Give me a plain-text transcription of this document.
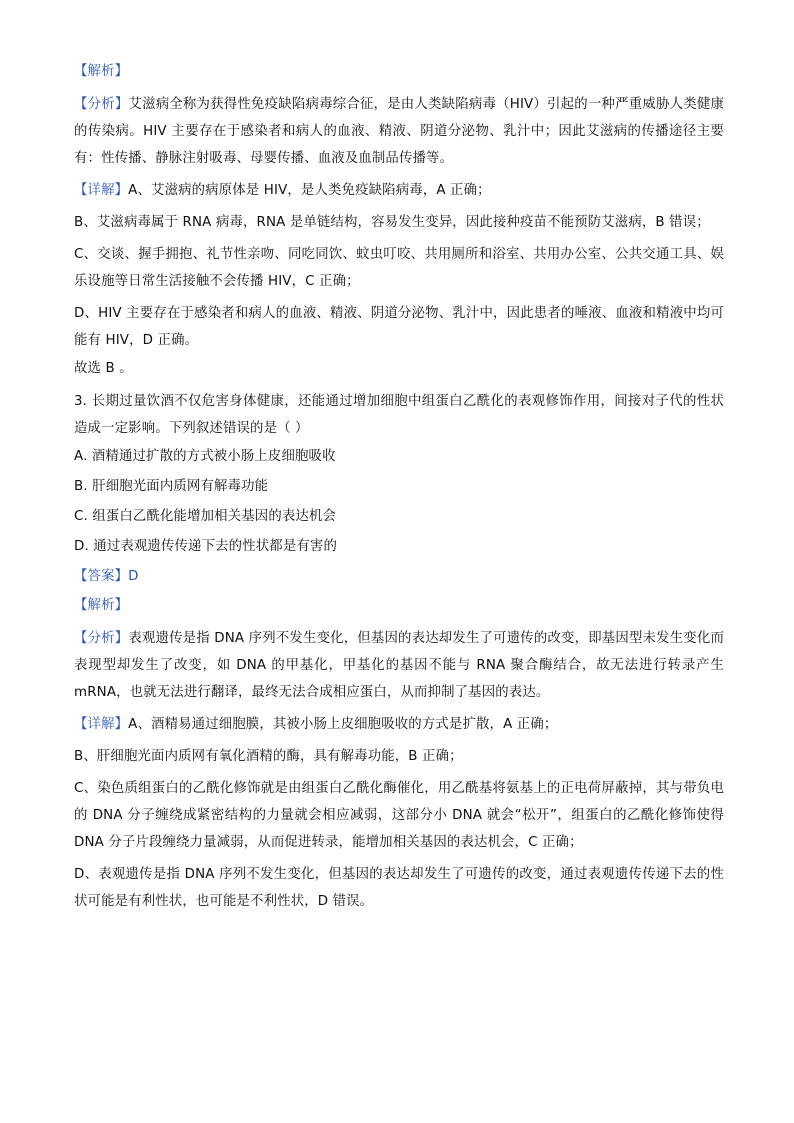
【解析】

【分析】艾滋病全称为获得性免疫缺陷病毒综合征，是由人类缺陷病毒（HIV）引起的一种严重威胁人类健康的传染病。HIV 主要存在于感染者和病人的血液、精液、阴道分泌物、乳汁中；因此艾滋病的传播途径主要有：性传播、静脉注射吸毒、母婴传播、血液及血制品传播等。

【详解】A、艾滋病的病原体是 HIV，是人类免疫缺陷病毒，A 正确；

B、艾滋病毒属于 RNA 病毒，RNA 是单链结构，容易发生变异，因此接种疫苗不能预防艾滋病，B 错误；

C、交谈、握手拥抱、礼节性亲吻、同吃同饮、蚊虫叮咬、共用厕所和浴室、共用办公室、公共交通工具、娱乐设施等日常生活接触不会传播 HIV，C 正确；

D、HIV 主要存在于感染者和病人的血液、精液、阴道分泌物、乳汁中，因此患者的唾液、血液和精液中均可能有 HIV，D 正确。

故选 B 。

3. 长期过量饮酒不仅危害身体健康，还能通过增加细胞中组蛋白乙酰化的表观修饰作用，间接对子代的性状造成一定影响。下列叙述错误的是（ ）

A. 酒精通过扩散的方式被小肠上皮细胞吸收

B. 肝细胞光面内质网有解毒功能

C. 组蛋白乙酰化能增加相关基因的表达机会

D. 通过表观遗传传递下去的性状都是有害的

【答案】D

【解析】

【分析】表观遗传是指 DNA 序列不发生变化，但基因的表达却发生了可遗传的改变，即基因型未发生变化而表现型却发生了改变，如 DNA 的甲基化，甲基化的基因不能与 RNA 聚合酶结合，故无法进行转录产生 mRNA，也就无法进行翻译，最终无法合成相应蛋白，从而抑制了基因的表达。

【详解】A、酒精易通过细胞膜，其被小肠上皮细胞吸收的方式是扩散，A 正确；

B、肝细胞光面内质网有氧化酒精的酶，具有解毒功能，B 正确；

C、染色质组蛋白的乙酰化修饰就是由组蛋白乙酰化酶催化，用乙酰基将氨基上的正电荷屏蔽掉，其与带负电的 DNA 分子缠绕成紧密结构的力量就会相应减弱，这部分小 DNA 就会“松开”，组蛋白的乙酰化修饰使得 DNA 分子片段缠绕力量减弱，从而促进转录，能增加相关基因的表达机会，C 正确；

D、表观遗传是指 DNA 序列不发生变化，但基因的表达却发生了可遗传的改变，通过表观遗传传递下去的性状可能是有利性状，也可能是不利性状，D 错误。
